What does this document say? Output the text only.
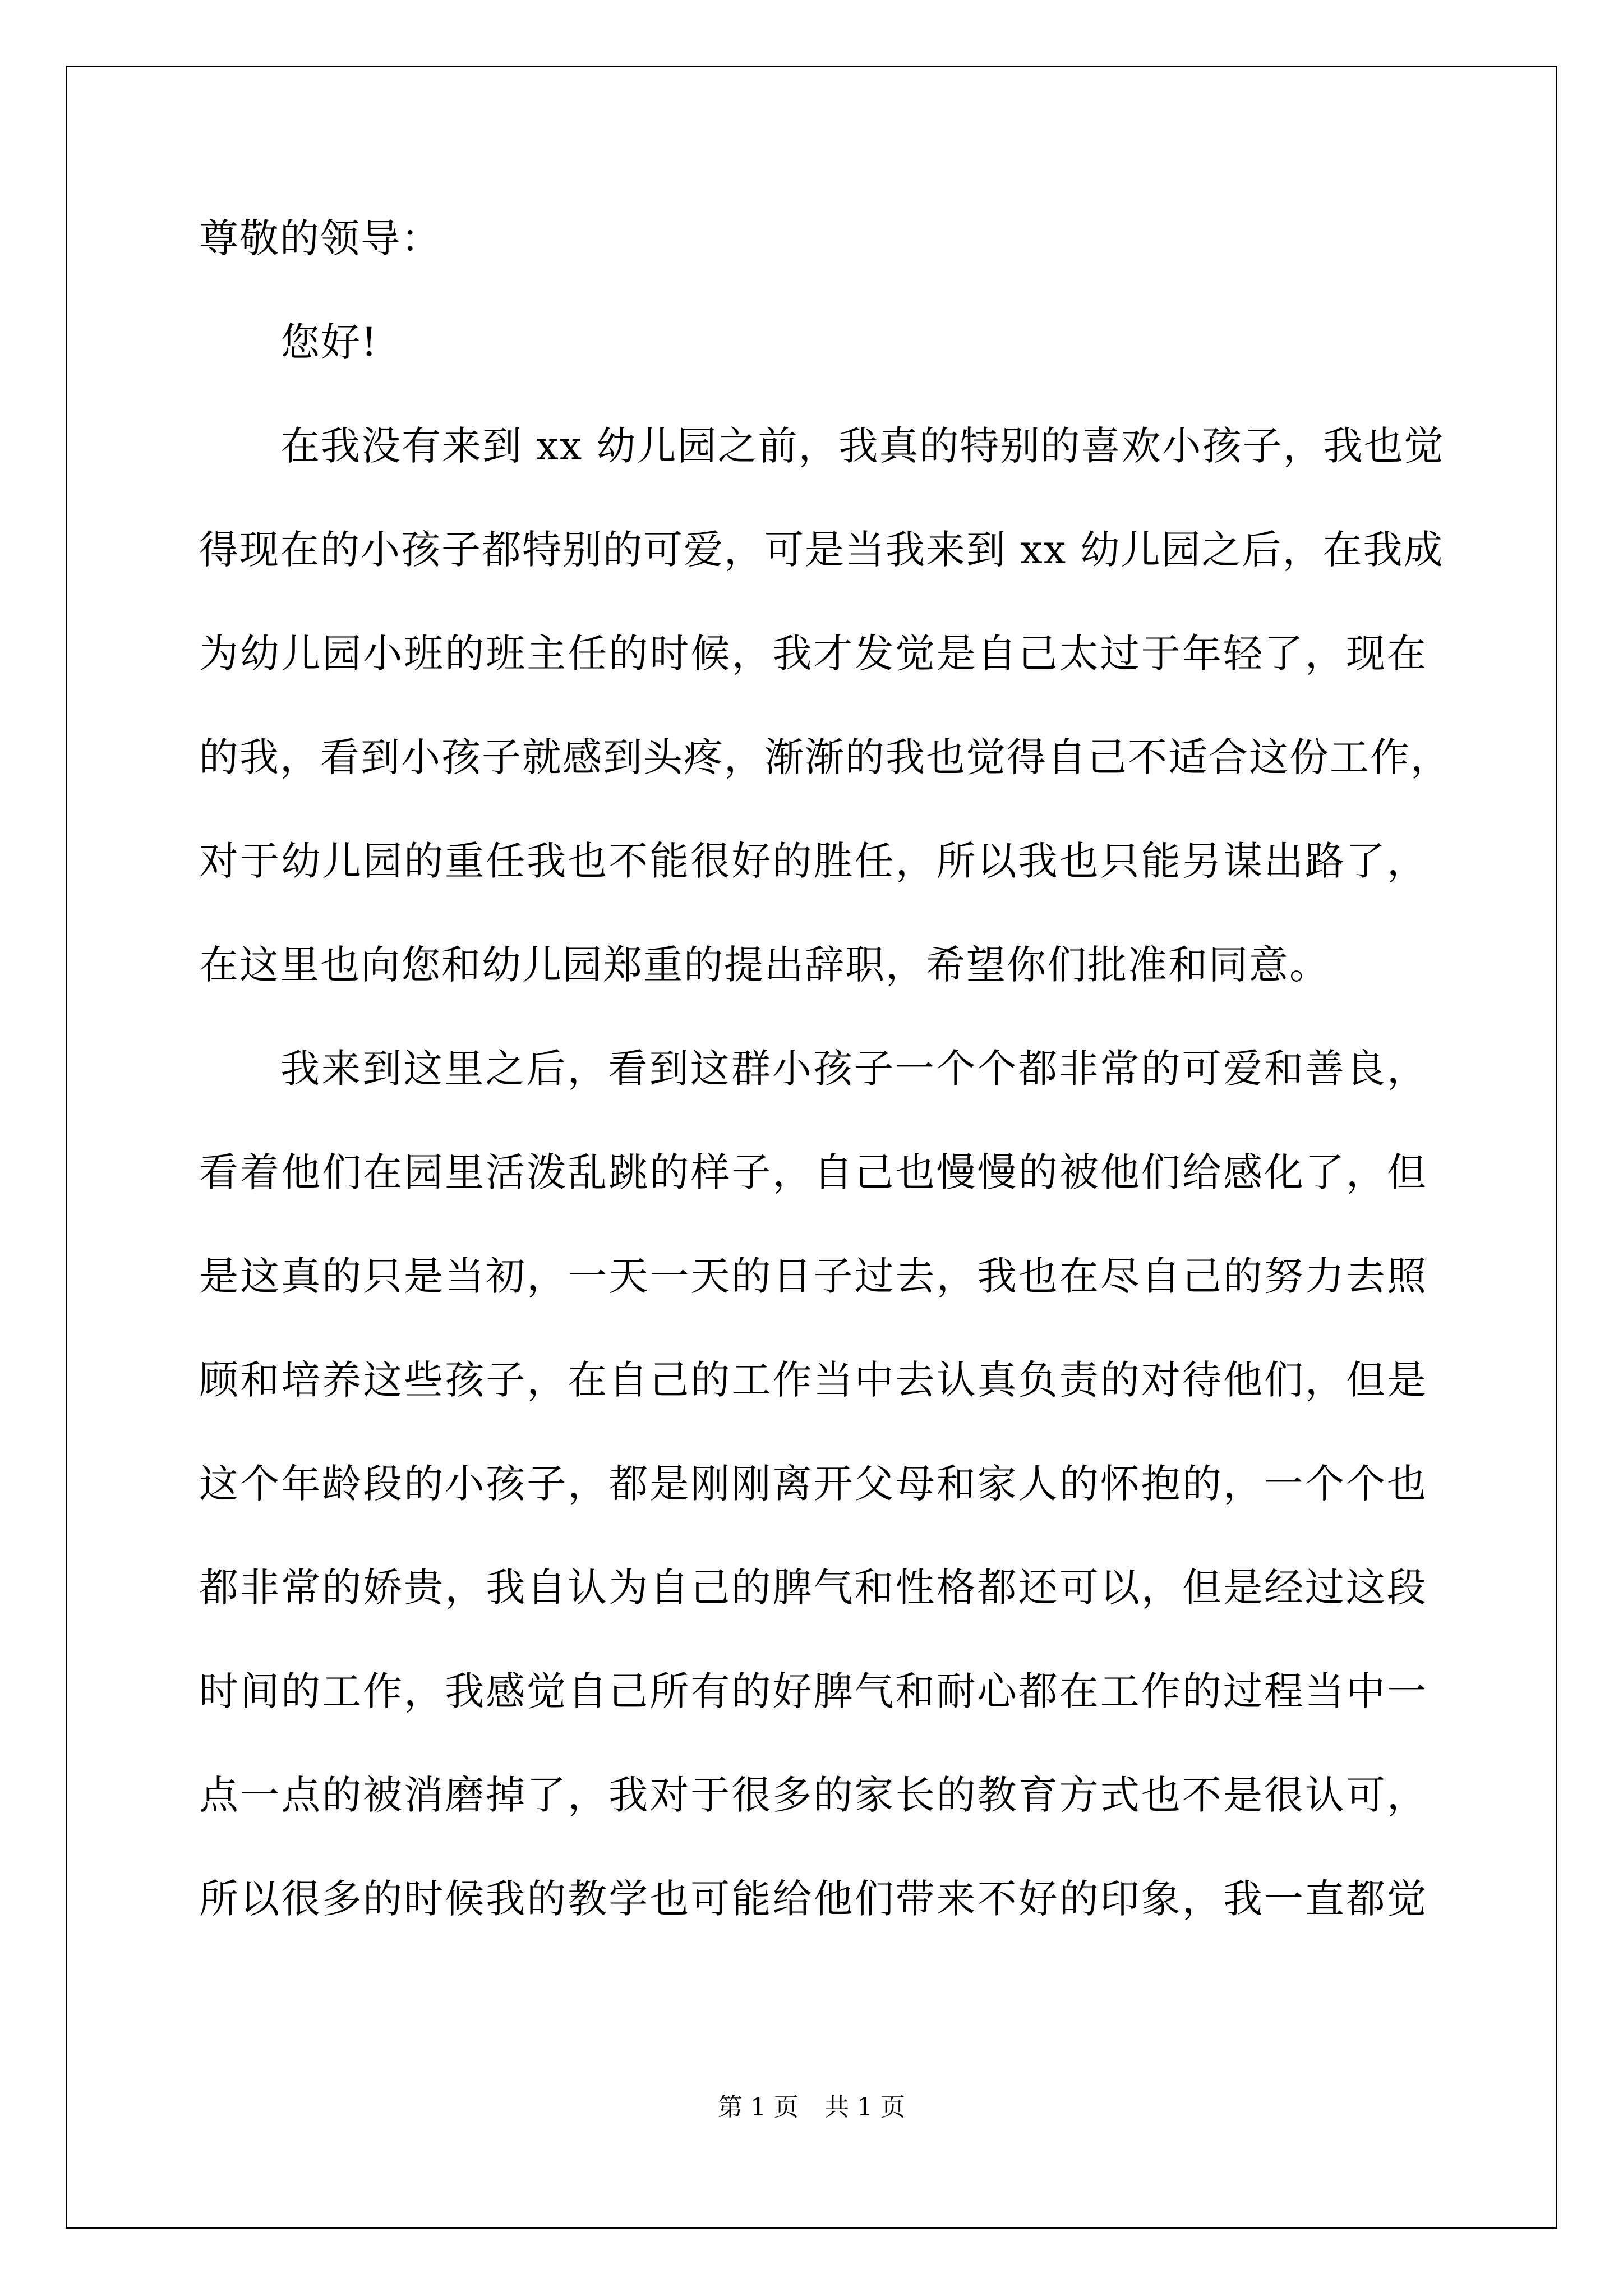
尊敬的领导：
您好!
在我没有来到 xx 幼儿园之前，我真的特别的喜欢小孩子，我也觉
得现在的小孩子都特别的可爱，可是当我来到 xx 幼儿园之后，在我成
为幼儿园小班的班主任的时候，我才发觉是自己太过于年轻了，现在
的我，看到小孩子就感到头疼，渐渐的我也觉得自己不适合这份工作，
对于幼儿园的重任我也不能很好的胜任，所以我也只能另谋出路了，
在这里也向您和幼儿园郑重的提出辞职，希望你们批准和同意。
我来到这里之后，看到这群小孩子一个个都非常的可爱和善良，
看着他们在园里活泼乱跳的样子，自己也慢慢的被他们给感化了，但
是这真的只是当初，一天一天的日子过去，我也在尽自己的努力去照
顾和培养这些孩子，在自己的工作当中去认真负责的对待他们，但是
这个年龄段的小孩子，都是刚刚离开父母和家人的怀抱的，一个个也
都非常的娇贵，我自认为自己的脾气和性格都还可以，但是经过这段
时间的工作，我感觉自己所有的好脾气和耐心都在工作的过程当中一
点一点的被消磨掉了，我对于很多的家长的教育方式也不是很认可，
所以很多的时候我的教学也可能给他们带来不好的印象，我一直都觉
第 1 页 共 1 页
